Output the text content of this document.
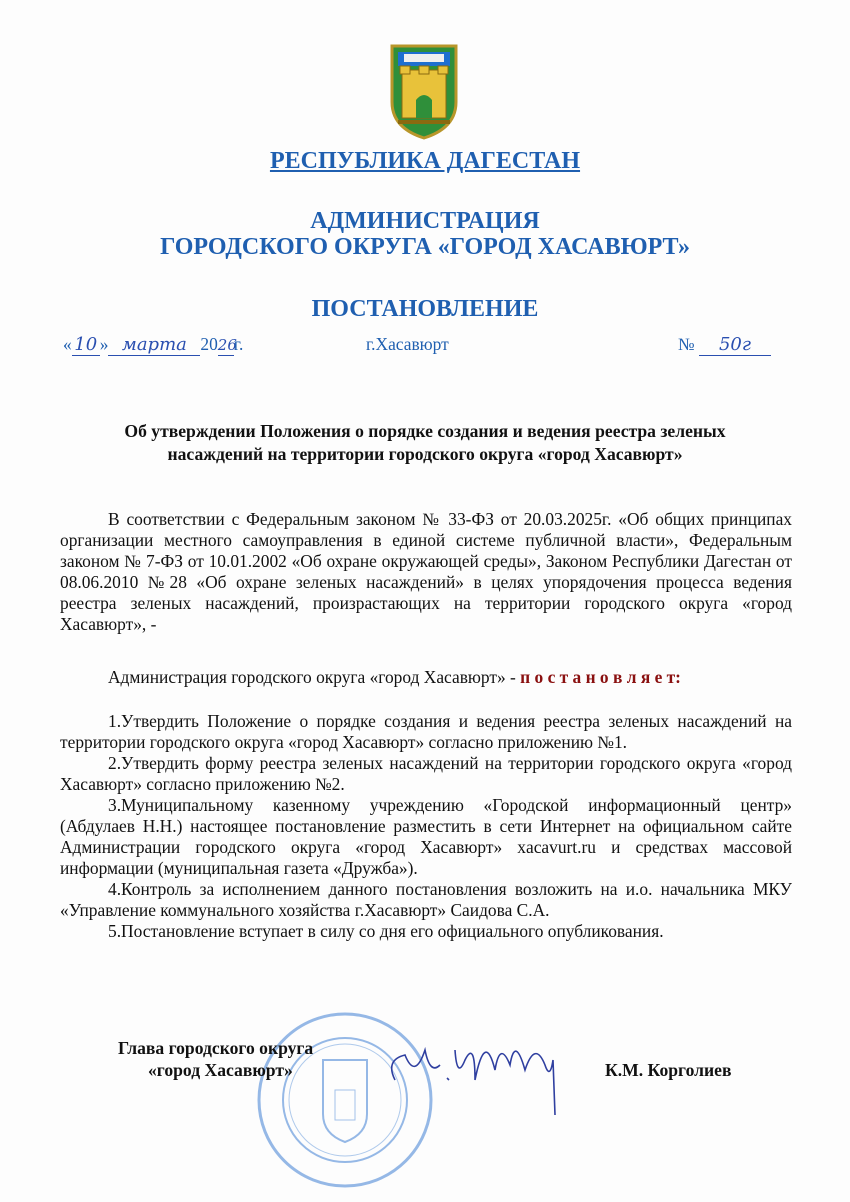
РЕСПУБЛИКА ДАГЕСТАН
АДМИНИСТРАЦИЯ
ГОРОДСКОГО ОКРУГА «ГОРОД ХАСАВЮРТ»
ПОСТАНОВЛЕНИЕ
« 10 » марта 2026г.	г.Хасавюрт	№ 50г
Об утверждении Положения о порядке создания и ведения реестра зеленых
насаждений на территории городского округа «город Хасавюрт»

В соответствии с Федеральным законом № 33-ФЗ от 20.03.2025г. «Об общих принципах организации местного самоуправления в единой системе публичной власти», Федеральным законом № 7-ФЗ от 10.01.2002 «Об охране окружающей среды», Законом Республики Дагестан от 08.06.2010 №28 «Об охране зеленых насаждений» в целях упорядочения процесса ведения реестра зеленых насаждений, произрастающих на территории городского округа «город Хасавюрт», -

Администрация городского округа «город Хасавюрт» - п о с т а н о в л я е т:

1.Утвердить Положение о порядке создания и ведения реестра зеленых насаждений на территории городского округа «город Хасавюрт» согласно приложению №1.

2.Утвердить форму реестра зеленых насаждений на территории городского округа «город Хасавюрт» согласно приложению №2.

3.Муниципальному казенному учреждению «Городской информационный центр» (Абдулаев Н.Н.) настоящее постановление разместить в сети Интернет на официальном сайте Администрации городского округа «город Хасавюрт» xacavurt.ru и средствах массовой информации (муниципальная газета «Дружба»).

4.Контроль за исполнением данного постановления возложить на и.о. начальника МКУ «Управление коммунального хозяйства г.Хасавюрт» Саидова С.А.

5.Постановление вступает в силу со дня его официального опубликования.

Глава городского округа
«город Хасавюрт»	К.М. Корголиев
